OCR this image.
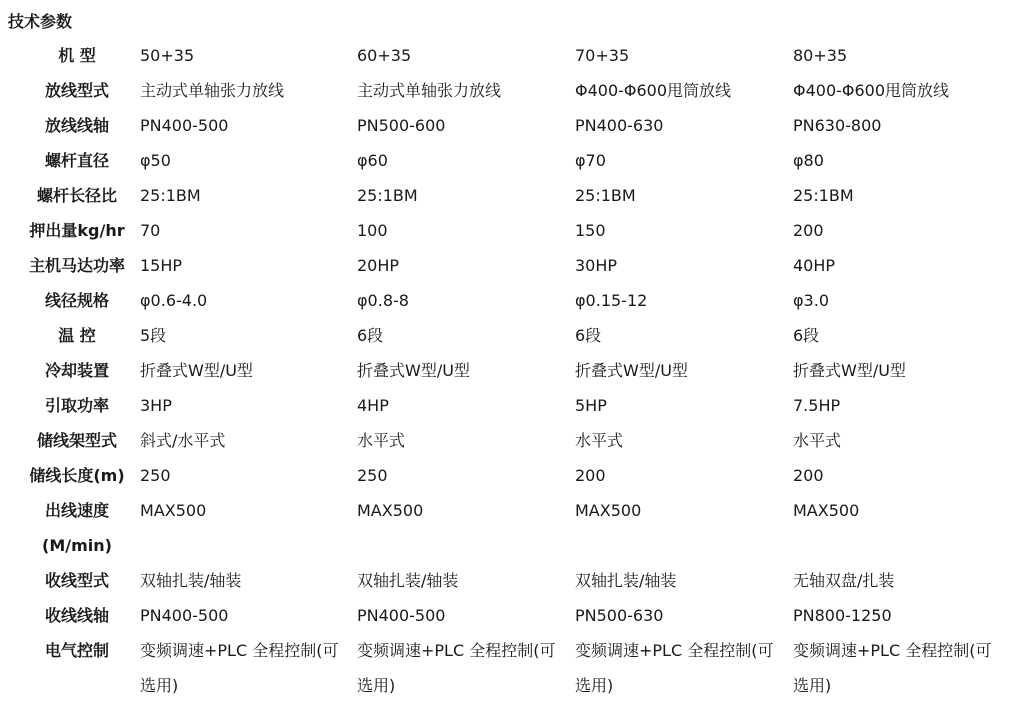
技术参数
机 型	50+35	60+35	70+35	80+35
放线型式	主动式单轴张力放线	主动式单轴张力放线	Φ400-Φ600甩筒放线	Φ400-Φ600甩筒放线
放线线轴	PN400-500	PN500-600	PN400-630	PN630-800
螺杆直径	φ50	φ60	φ70	φ80
螺杆长径比	25:1BM	25:1BM	25:1BM	25:1BM
押出量kg/hr	70	100	150	200
主机马达功率	15HP	20HP	30HP	40HP
线径规格	φ0.6-4.0	φ0.8-8	φ0.15-12	φ3.0
温 控	5段	6段	6段	6段
冷却装置	折叠式W型/U型	折叠式W型/U型	折叠式W型/U型	折叠式W型/U型
引取功率	3HP	4HP	5HP	7.5HP
储线架型式	斜式/水平式	水平式	水平式	水平式
储线长度(m)	250	250	200	200
出线速度	MAX500	MAX500	MAX500	MAX500
(M/min)				
收线型式	双轴扎装/轴装	双轴扎装/轴装	双轴扎装/轴装	无轴双盘/扎装
收线线轴	PN400-500	PN400-500	PN500-630	PN800-1250
电气控制	变频调速+PLC 全程控制(可	变频调速+PLC 全程控制(可	变频调速+PLC 全程控制(可	变频调速+PLC 全程控制(可
	选用)	选用)	选用)	选用)
